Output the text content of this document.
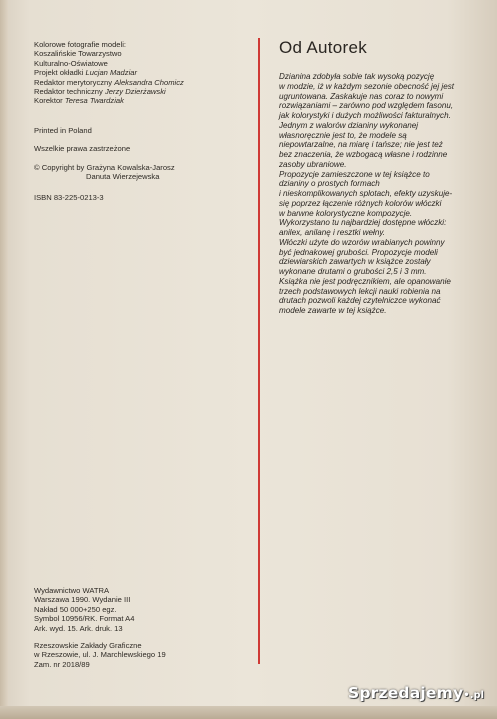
Kolorowe fotografie modeli:

Koszalińskie Towarzystwo

Kulturalno-Oświatowe

Projekt okładki Lucjan Madziar

Redaktor merytoryczny Aleksandra Chomicz

Redaktor techniczny Jerzy Dzierżawski

Korektor Teresa Twardziak

Printed in Poland

Wszelkie prawa zastrzeżone

© Copyright by Grażyna Kowalska-Jarosz

Danuta Wierzejewska

ISBN 83-225-0213-3

Wydawnictwo WATRA

Warszawa 1990. Wydanie III

Nakład 50 000+250 egz.

Symbol 10956/RK. Format A4

Ark. wyd. 15. Ark. druk. 13

Rzeszowskie Zakłady Graficzne

w Rzeszowie, ul. J. Marchlewskiego 19

Zam. nr 2018/89

Od Autorek

Dzianina zdobyła sobie tak wysoką pozycję

w modzie, iż w każdym sezonie obecność jej jest

ugruntowana. Zaskakuje nas coraz to nowymi

rozwiązaniami – zarówno pod względem fasonu,

jak kolorystyki i dużych możliwości fakturalnych.

Jednym z walorów dzianiny wykonanej

własnoręcznie jest to, że modele są

niepowtarzalne, na miarę i tańsze; nie jest też

bez znaczenia, że wzbogacą własne i rodzinne

zasoby ubraniowe.

Propozycje zamieszczone w tej książce to

dzianiny o prostych formach

i nieskomplikowanych splotach, efekty uzyskuje-

się poprzez łączenie różnych kolorów włóczki

w barwne kolorystyczne kompozycje.

Wykorzystano tu najbardziej dostępne włóczki:

anilex, anilanę i resztki wełny.

Włóczki użyte do wzorów wrabianych powinny

być jednakowej grubości. Propozycje modeli

dziewiarskich zawartych w książce zostały

wykonane drutami o grubości 2,5 i 3 mm.

Książka nie jest podręcznikiem, ale opanowanie

trzech podstawowych lekcji nauki robienia na

drutach pozwoli każdej czytelniczce wykonać

modele zawarte w tej książce.

Sprzedajemy•.pl
